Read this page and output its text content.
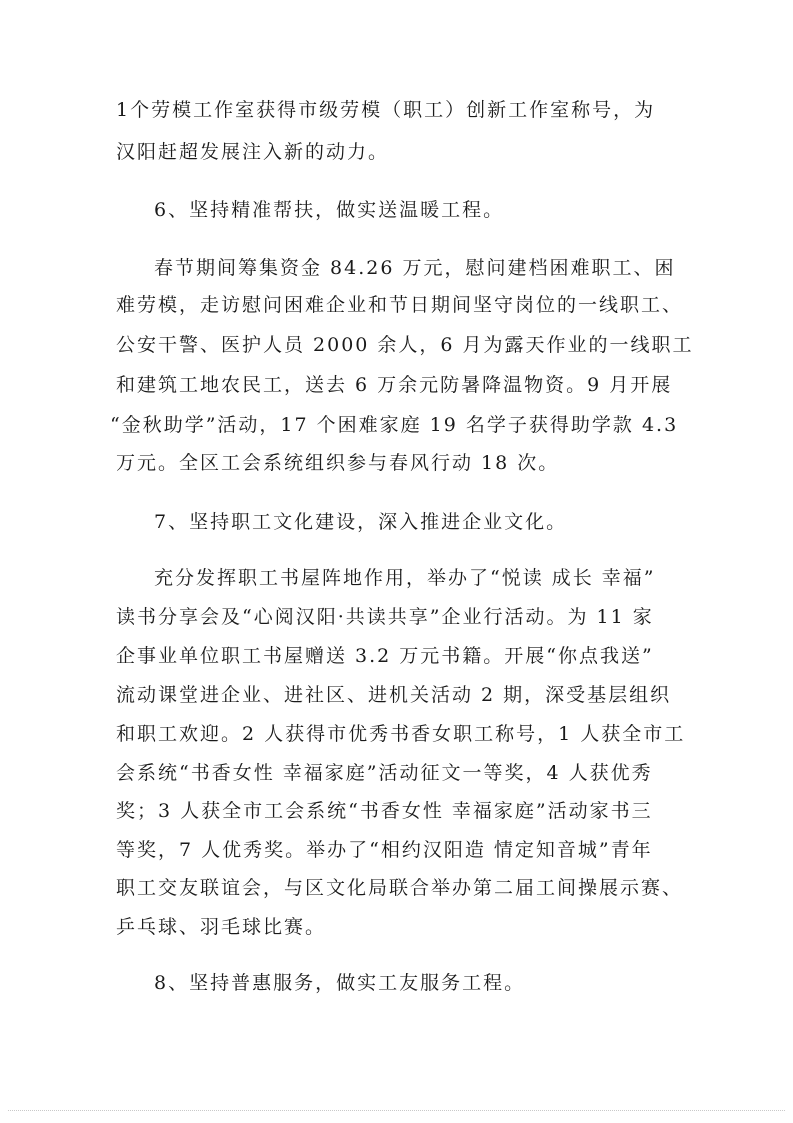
1个劳模工作室获得市级劳模（职工）创新工作室称号，为
汉阳赶超发展注入新的动力。
6、坚持精准帮扶，做实送温暖工程。
春节期间筹集资金 84.26 万元，慰问建档困难职工、困
难劳模，走访慰问困难企业和节日期间坚守岗位的一线职工、
公安干警、医护人员 2000 余人，6 月为露天作业的一线职工
和建筑工地农民工，送去 6 万余元防暑降温物资。9 月开展
“金秋助学”活动，17 个困难家庭 19 名学子获得助学款 4.3
万元。全区工会系统组织参与春风行动 18 次。
7、坚持职工文化建设，深入推进企业文化。
充分发挥职工书屋阵地作用，举办了“悦读 成长 幸福”
读书分享会及“心阅汉阳·共读共享”企业行活动。为 11 家
企事业单位职工书屋赠送 3.2 万元书籍。开展“你点我送”
流动课堂进企业、进社区、进机关活动 2 期，深受基层组织
和职工欢迎。2 人获得市优秀书香女职工称号，1 人获全市工
会系统“书香女性 幸福家庭”活动征文一等奖，4 人获优秀
奖；3 人获全市工会系统“书香女性 幸福家庭”活动家书三
等奖，7 人优秀奖。举办了“相约汉阳造 情定知音城”青年
职工交友联谊会，与区文化局联合举办第二届工间操展示赛、
乒乓球、羽毛球比赛。
8、坚持普惠服务，做实工友服务工程。
